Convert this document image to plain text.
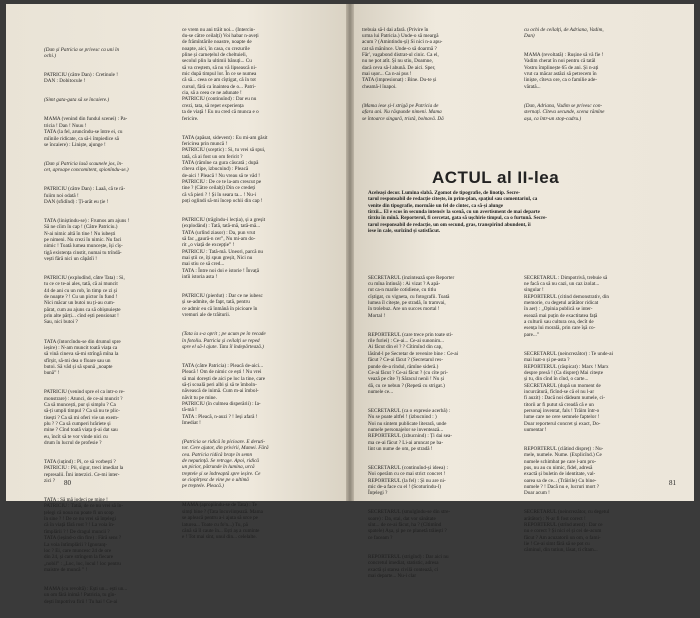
(Dan și Patricia se privesc ca uni în
ochi.)

PATRICIU (către Dan) : Cretinule !
DAN : Dobitocule !

(Simt gata-gata să se încaiere.)

MAMA (venind din fundul scenei) : Pa-
tricia ! Dan ! Nuuu !
TATA (la fel, aruncîndu-se între ei, cu
mîinile ridicate, ca să-i împiedice să
se încaiere) : Liniște, ajunge !

(Dan și Patricia lasă scaunele jos, în-
cet, aproape concomitent, spionîndu-se.)

PATRICIU (către Dan) : Laaă, că te ră-
fuiim noi odată !
DAN (sfidînd) : Ți-arăt eu ție !

TATA (liniștindu-se) : Frumos am ajuns !
Să ne cîim în cap ! (Către Patriciu.)
N-ai nimic altă în tine ! Nu iubești
pe nimeni. Nu crezi în nimic. Nu faci
nimic ! Toată lumea muncește, își cîș-
tigă existența cinstit, numai tu trîndă-
vești fără nici un căpătîi !

PATRICIU (explodînd, către Tata) : Si,
tu ce ce te-ai ales, tată, că ai muncit
44 de ani cu un rob, în timp ce zi și
de noapte ? ! Cu un pictor în fund !
Nici măcar un butoi nu ți-au cum-
părat, cum au ajuns ca să obișnuiește
prin alte părți... cînd ești pensionat !
Sau, nici butoi ?

TATA (întorcîndu-se din drumul spre
ieșire) : N-am muncit toată viața ca
să vină cineva să-mi strîngă mîna la
sfîrșit, să-mi dea o floare sau un
butoi. Să văd și să spună „noapte
bună” !

PATRICIU (venind spre el ca intr-o re-
monstrare) : Atunci, de ce-ai muncit ?
Ca să muncești, pur și simplu ? Ca
să-ți umpli timpul ? Ca să nu te plic-
tisești ? Ca să mi oferi vie un exem-
plu ? ? Ca să cumperi hrăriete și
mine ? Cînd toată viața ți-ai dat sau
eu, încît să te vor vinde nici cu
drum în lucrul de profesie ?

TATA (iuțind) : Pi, ce să vorbești ?
PATRICIU : Pii, sigur, treci imediat la
represalii. Îmi interzici. Ce-mi inter-
zici ?

TATA : Să mă jodeci pe mine !
PATRICIU : Tatiă, de ce nu vrei să în-
țelegi că noua nu poate fi un scop
în sine ? ! De ce nu vrei să înțelegi
că în viață fără rost ? ! La voia în-
tîmplării ? ! De dragul muncii ?
TATA (ieșind-o din fire) : Fără sens ?
La voia întîmplării ? Ignoranț-
loc ? Ei, care muncesc 24 de ore
din 24, și care strîngem la fiecare
„nobil” : „Loc, loc, locul ! loc pentru
maistre de muncă ” !

MAMA (cu revoltă) : Ești un... ești un...
un om fără inimă ! Patricia, tu gîn-
dești împotriva firii ! Tu hai ! Ce-ai

ce vrem nu ani trăit noi... (Intercin-
du-se către ceilalți) Voi habar n-aveți
de frămîntările noastre, noapte de
noapte, aici, în casa, cu crezurile
pline și carnețelul de cheltuieli,
secolul plin la ultimii bănuți... Cu
să va creștem, să nu vă lipsească ni-
mic după timpul lor. În ce se numea
că să... ceea ce am cîștigat, că în tot
cursul, fără ca înaintea de o... Patri-
cia, să a ceea ce ne adunate !
PATRICIU (continuînd) : Dar eu nu
crezi, tata, să repet experiența
ta de viață ! Eu nu cred că munca e o
fericire.

TATA (apăsat, sidevent) : Eu mi-am găsit
fericirea prin muncă !
PATRICIU (sceptic) : Si, tu vrei să spui,
tată, că ai fost un om fericit ?
TATA (rămîne ca gura căscată ; după
cîteva clipe, izbucnind) : Pleacă
de-aici ! Pleacă ! Nu vreau să te văd !
PATRICIU : De ce te la-am crescut pe
tine ? (Către ceilalți) Din ce credeți
că vă pieri ? ! Și în seara ta... ! Nu-i
poți oglindi să-mi încep ochii din cap !

PATRICIU (trăgîndu-i lecția), și a greșit
(explodând) : Tată, tată-mă, tată-mă...
TATA (urlînd ziasor) : Da, pun vrut
să fac „gaură-n cer”, Nu mi-am do-
rit „o viață de excepție” !
PATRICIU : Tată-mă. Uneori, parcă nu
mai știi ce, îți spun greșit, Nici nu
mai stiu ce să cred...
TATA : Între noi doi e istorie ! Învață
intîi istoria asta !

PATRICIU (pierdut) : Dar ce ne iubesc
și se-admite, de fapt, tată, pentru
ce admir eu că înmănă în picioare în
vremuri ale de trăiturii.

(Tata ia s-a oprit ; pe acum pe în recade
în fotoliu. Patricia și ceilalți se reped
spre el să-l ajute. Tata îl îndepărtează.)

TATA (către Patricia) : Pleacă de-aici...
Pleacă ! Om de nimic ce ești ! Nu vrei
să mai dorești de aici pe loc la tine, care
să-ți scoală peri albi și să te îmboln-
năvească de inimă. Cum m-ai îmbol-
năvit tu pe mine.
PATRICIU (în culmea disperării) : Ia-
tă-mă !
TATA : Pleacă, n-auzi ? ! Ieși afară !
Imediat !

(Patricia se ridică în picioare. E deruti-
tor. Cere ajutor, din privirii, Mamei. Fără
cea. Patricia ridică brațe în semn
de neputință. Se retrage. Apoi, ridică
un picior, pătrunde în lumina, urcă
treptele și se îndreaptă spre ieșire. Ce
se ciopîrțesc de vine pe o ultimă
pe treptele. Pleacă.)

MAMA (apropiindu-se de Tata) : Te
simți bine ? (Tata încuviințează. Mama
se apleacă pentru a-i ajuta să urce pe
laturea... Toate cu fo'n...) Tu, pă
cănă să îl caute în... Ești aș a cuminte
e ! Tot mai sînt, unul din... celelalte.

80

trebuia să-l dai afară. (Privire în
urma lui Patricia.) Unde-o să meargă
acum ? (Amintindu-și) Si nici n-a apu-
cat să mănînce. Unde-o să doarmă ?
Făr', vagabond distrat-ul cinic. Ca el,
nu ne pot atît. Și nu stiu, Doamne,
dacă ceva să-l abună. De aici. Sper,
mai ușor... Ca n-ai pus !
TATA (impresionat) : Bine. Du-te și
cheamă-l înapoi.

(Mama iese și-l strigă pe Patricia de
afara ani. Nu răspunde nimeni. Mama
se întoarce singură, tristă, bolnavă. Dă

cu ochi de ceilalți, de Adriana, Vadim,
Dan)

MAMA (revoltată) : Rușine să vă fie !
Vadim cherat în noi pentru că tatăl
Vostru împlinește 65 de ani. Și n-ați
vrut ca măcar astăzi să petrecem în
liniște, cîteva ore, ca o familie ade-
vărată...

(Dan, Adriana, Vadim se privesc con-
sternați. Cîteva secunde, scena rămîne
așa, ca într-un stop-cadru.)

ACTUL al II-lea
Aceleași decor. Lumina slabă. Zgomot de tipografie, de linotip. Secre-
tarul responsabil de redacție citește, în prim-plan, spațiul sau comentariul, ca
venite din tipografie, mormăie un fel de cîntec, ca să-și alunge
tîrzii... El e scos în secunda intensiv la scenă, cu un avertisment de mai departe
tîrziu în mînă. Reporterul, fi cercetat, gata să uşchirie timpul, ca o furtună. Secre-
tarul responsabil de redacție, un om secund, gras, transpirînd abundent, îi
iese în cale, surîzînd și satisfăcut.

SECRETARUL (inzintează spre Reporter
cu mîna întinsă) : Ai vizat ? A apă-
rut ca-n marile cotidiene, cu titlu
cîștigat, cu vigneta, cu fotografii. Toată
lumea îl citește, pe stradă, în tramvai,
în trolebuz. Are un succes mortal !
Mortal !

REPORTERUL (care trece prin toate sti-
rile furiei) : Ce-ai... Ce-ai sunonim...
Ai făcut din el ? ? Cîtimînd din cap,
lăsînd-l pe Secretar de revenire bine : Ce-ai
făcut ? Ce-ai făcut ? (Secretarul res-
punde de-a rîndul, rămîne sideră.)
Ce-ai făcut ? Ce-ai făcut ? (cu cîte pri-
vează pe cîte ?) Săracul nenii ! Nu și
dă, cu ce nebun ? (Repetă cu strigat.)
numele ce...

SECRETARUL (ca o expresie acerbă) :
Nu se poate altfel ! (izbucnind : )
Noi nu sintem publicate literară, unde
numele personajelor se inventează...
REPORTERUL (izbucnind) : Ți dai sea-
ma ce-ai făcut ? Li-ai aruncat pe ba-
lint un nume de om, pe stradă !

SECRETARUL (continuînd-și ideea) :
Noi operăm cu ce mai strict concret !
REPORTERUL (la fel) : Și nu are ni-
mic de-a face cu el ! (Scoturindu-l)
Înțelegi ?

SECRETARUL (smulgîndu-se din stre-
soare) : Da, stai, dat vor sănătate
sînt... de ce-ai făcut, ha ? (Cîtimînd
spatele) Așa, și pe ce planetă trăiești ?
ce faceam ?

REPORTERUL (strigînd) : Dar aici nu
concretul imediat, statistic, adresa
exactă și starea civilă contează, ci
mai departe... Nu-i clar

SECRETARUL : Dimpotrivă, trebuie să
ne facă ca să nu cazi, un caz izolat...
singular !
REPORTERUL (citind demonstrativ, din
memorie, cu degetul arătător ridicat
în aer) : „Opinia publică se inter-
esează mai puțin de exactitatea față
a culturii sau cultura cea, decît de
esența lui morală, prin care îșă co-
pare...”

SECRETARUL (neincrezător) : Te unde-ai
mai luat-o și pe-asta ?
REPORTERUL (răspicat) : Marx ! Marx
despre presă ! (Ca dispreț) Mai citește
și tu, din cînd în cînd, o carte...
SECRETARUL (după un moment de
incurcătură, fîcînd-se că el nu l-ar
fi auzit) : Dacă noi dădeam numele, ci-
titorii ar fi putut să creadă că e un
personaj inventat, fals ! Trăim într-o
lume care ne cere semnele faptelor !
Doar reporterul concret și exact, Do-
uumentar !

REPORTERUL (clătind dispreț) : Nu-
mele, numele. Nume. (Explicînd.) Ce
numele schimbat pe care l-am pro-
pus, nu au cu nimic, fidel, adresă
exactă și buletin de identitate, val-
oarea sa de ce... (Trăirile) Cu bine-
numele ? ! Dacă nu e, lucruri mort ?
Doar acum !

SECRETARUL (neincrezător, cu degetul
arătător) : N-ar fi fost corect !
REPORTERUL (strînd atent) : Dar ce
nu e corect ? Și nici el și cei de-acum
făcut ? Am acuzatorii un om, o fami-
lie ! Ce-ai simt fără să se pot cu
căminul, din tutiun, lăsat, ti cîtam...

81
